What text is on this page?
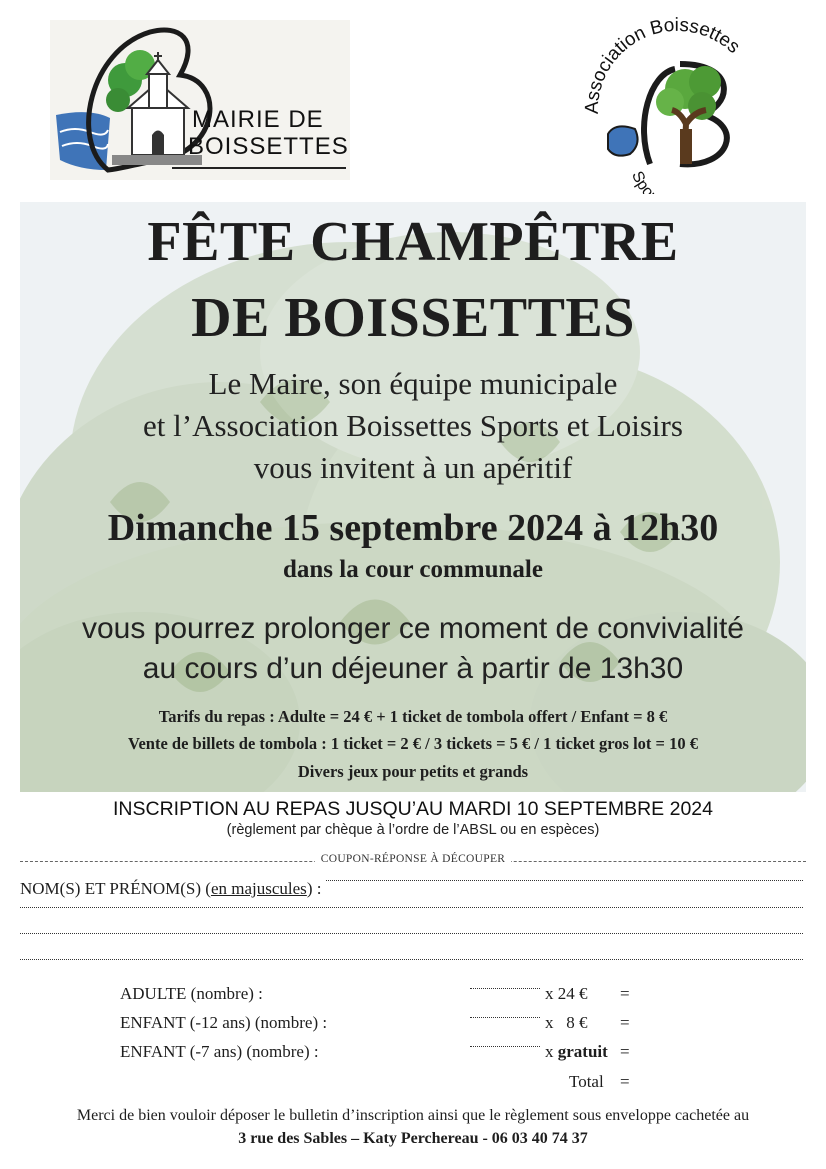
MAIRIE DE
BOISSETTES
Association Boissettes
Spo
FÊTE CHAMPÊTRE
DE BOISSETTES
Le Maire, son équipe municipale
et l’Association Boissettes Sports et Loisirs
vous invitent à un apéritif
Dimanche 15 septembre 2024 à 12h30
dans la cour communale
vous pourrez prolonger ce moment de convivialité
au cours d’un déjeuner à partir de 13h30
Tarifs du repas : Adulte = 24 € + 1 ticket de tombola offert / Enfant = 8 €
Vente de billets de tombola : 1 ticket = 2 € / 3 tickets = 5 € / 1 ticket gros lot = 10 €
Divers jeux pour petits et grands
INSCRIPTION AU REPAS JUSQU’AU MARDI 10 SEPTEMBRE 2024
(règlement par chèque à l’ordre de l’ABSL ou en espèces)
COUPON-RÉPONSE À DÉCOUPER
NOM(S) ET PRÉNOM(S) (en majuscules) :
ADULTE (nombre) :	x 24 € =
ENFANT (-12 ans) (nombre) :	x   8 € =
ENFANT (-7 ans) (nombre) :	x gratuit =
Total =
Merci de bien vouloir déposer le bulletin d’inscription ainsi que le règlement sous enveloppe cachetée au
3 rue des Sables – Katy Perchereau - 06 03 40 74 37
